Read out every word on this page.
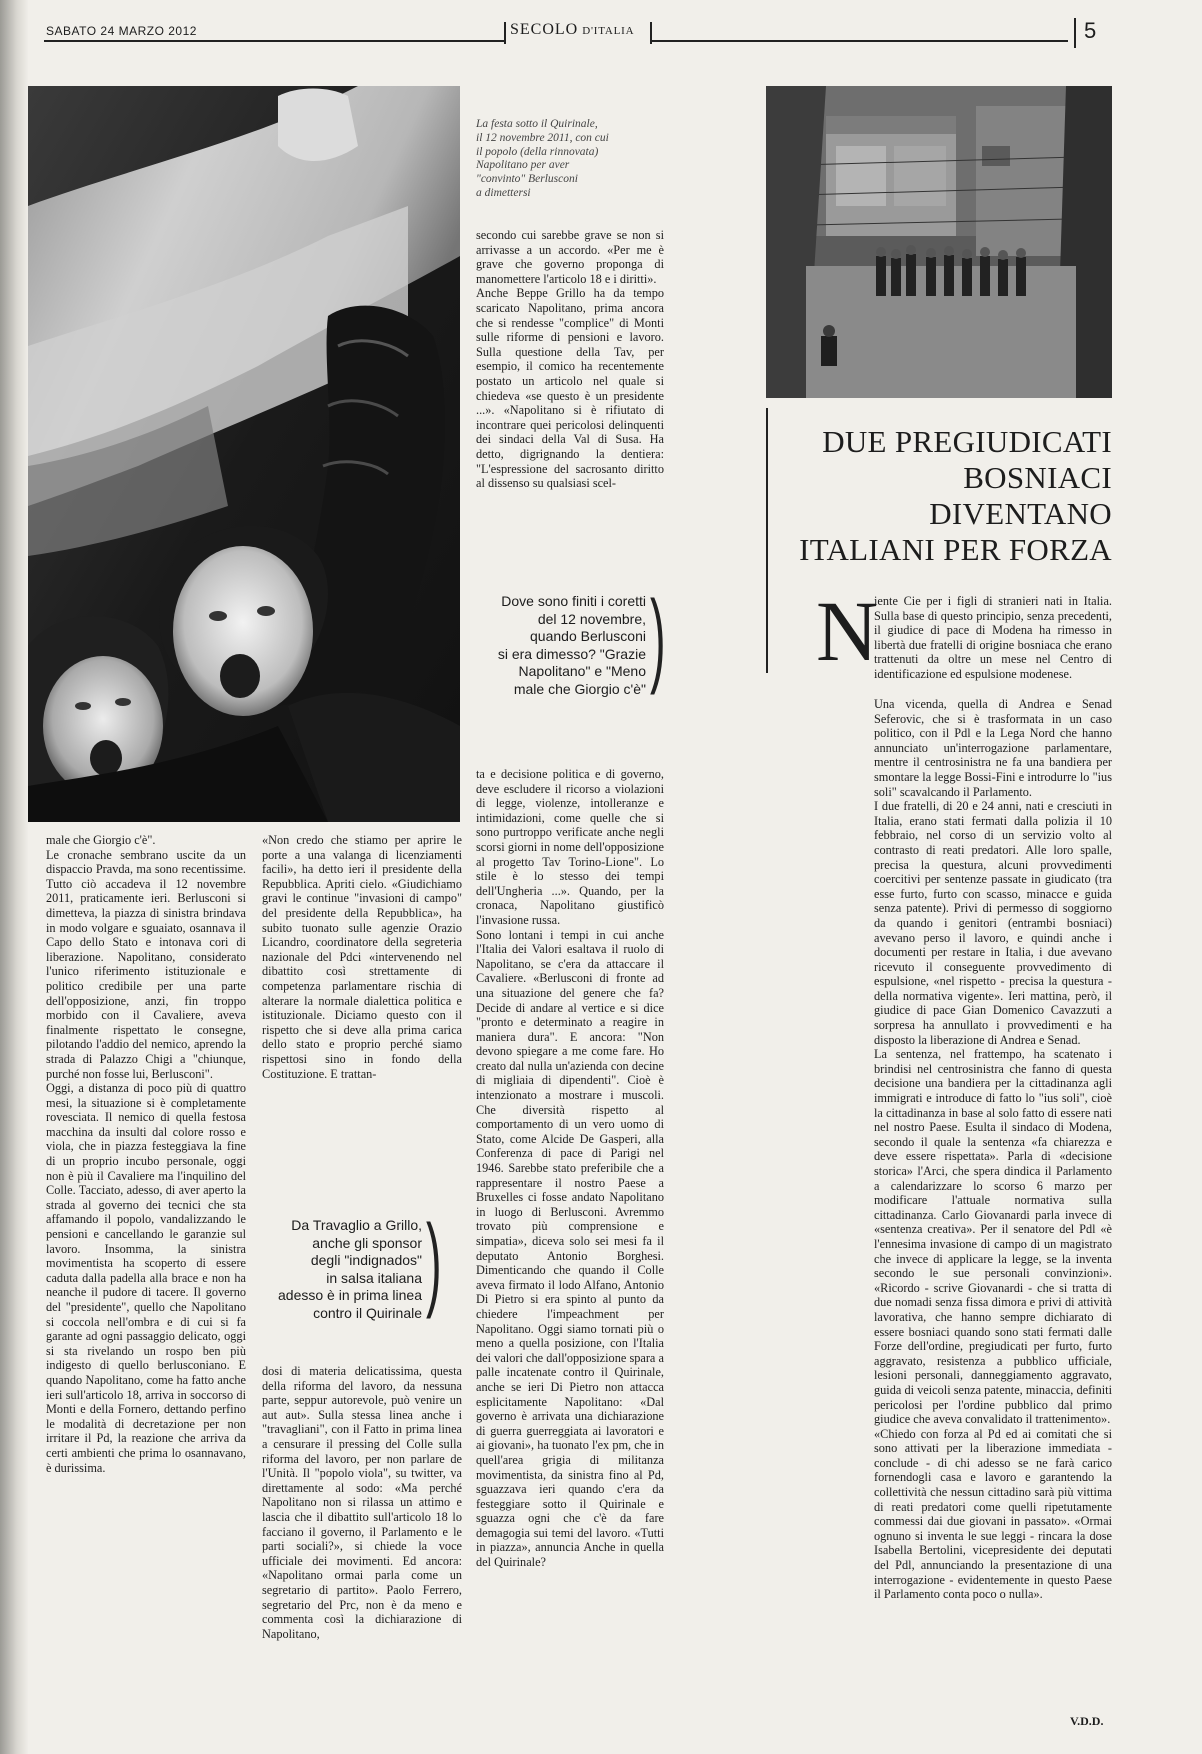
SABATO 24 MARZO 2012	SECOLO D'ITALIA	5
La festa sotto il Quirinale,
il 12 novembre 2011, con cui
il popolo (della rinnovata)
Napolitano per aver
"convinto" Berlusconi
a dimettersi
secondo cui sarebbe grave se non si arrivasse a un accordo. «Per me è grave che governo proponga di manomettere l'articolo 18 e i diritti».
Anche Beppe Grillo ha da tempo scaricato Napolitano, prima ancora che si rendesse "complice" di Monti sulle riforme di pensioni e lavoro. Sulla questione della Tav, per esempio, il comico ha recentemente postato un articolo nel quale si chiedeva «se questo è un presidente ...». «Napolitano si è rifiutato di incontrare quei pericolosi delinquenti dei sindaci della Val di Susa. Ha detto, digrignando la dentiera: "L'espressione del sacrosanto diritto al dissenso su qualsiasi scel-
Dove sono finiti i coretti
del 12 novembre,
quando Berlusconi
si era dimesso? "Grazie
Napolitano" e "Meno
male che Giorgio c'è" )
ta e decisione politica e di governo, deve escludere il ricorso a violazioni di legge, violenze, intolleranze e intimidazioni, come quelle che si sono purtroppo verificate anche negli scorsi giorni in nome dell'opposizione al progetto Tav Torino-Lione". Lo stile è lo stesso dei tempi dell'Ungheria ...». Quando, per la cronaca, Napolitano giustificò l'invasione russa.
Sono lontani i tempi in cui anche l'Italia dei Valori esaltava il ruolo di Napolitano, se c'era da attaccare il Cavaliere. «Berlusconi di fronte ad una situazione del genere che fa? Decide di andare al vertice e si dice "pronto e determinato a reagire in maniera dura". E ancora: "Non devono spiegare a me come fare. Ho creato dal nulla un'azienda con decine di migliaia di dipendenti". Cioè è intenzionato a mostrare i muscoli. Che diversità rispetto al comportamento di un vero uomo di Stato, come Alcide De Gasperi, alla Conferenza di pace di Parigi nel 1946. Sarebbe stato preferibile che a rappresentare il nostro Paese a Bruxelles ci fosse andato Napolitano in luogo di Berlusconi. Avremmo trovato più comprensione e simpatia», diceva solo sei mesi fa il deputato Antonio Borghesi. Dimenticando che quando il Colle aveva firmato il lodo Alfano, Antonio Di Pietro si era spinto al punto da chiedere l'impeachment per Napolitano. Oggi siamo tornati più o meno a quella posizione, con l'Italia dei valori che dall'opposizione spara a palle incatenate contro il Quirinale, anche se ieri Di Pietro non attacca esplicitamente Napolitano: «Dal governo è arrivata una dichiarazione di guerra guerreggiata ai lavoratori e ai giovani», ha tuonato l'ex pm, che in quell'area grigia di militanza movimentista, da sinistra fino al Pd, sguazzava ieri quando c'era da festeggiare sotto il Quirinale e sguazza ogni che c'è da fare demagogia sui temi del lavoro. «Tutti in piazza», annuncia Anche in quella del Quirinale?
male che Giorgio c'è".
Le cronache sembrano uscite da un dispaccio Pravda, ma sono recentissime. Tutto ciò accadeva il 12 novembre 2011, praticamente ieri. Berlusconi si dimetteva, la piazza di sinistra brindava in modo volgare e sguaiato, osannava il Capo dello Stato e intonava cori di liberazione. Napolitano, considerato l'unico riferimento istituzionale e politico credibile per una parte dell'opposizione, anzi, fin troppo morbido con il Cavaliere, aveva finalmente rispettato le consegne, pilotando l'addio del nemico, aprendo la strada di Palazzo Chigi a "chiunque, purché non fosse lui, Berlusconi".
Oggi, a distanza di poco più di quattro mesi, la situazione si è completamente rovesciata. Il nemico di quella festosa macchina da insulti dal colore rosso e viola, che in piazza festeggiava la fine di un proprio incubo personale, oggi non è più il Cavaliere ma l'inquilino del Colle. Tacciato, adesso, di aver aperto la strada al governo dei tecnici che sta affamando il popolo, vandalizzando le pensioni e cancellando le garanzie sul lavoro. Insomma, la sinistra movimentista ha scoperto di essere caduta dalla padella alla brace e non ha neanche il pudore di tacere. Il governo del "presidente", quello che Napolitano si coccola nell'ombra e di cui si fa garante ad ogni passaggio delicato, oggi si sta rivelando un rospo ben più indigesto di quello berlusconiano. E quando Napolitano, come ha fatto anche ieri sull'articolo 18, arriva in soccorso di Monti e della Fornero, dettando perfino le modalità di decretazione per non irritare il Pd, la reazione che arriva da certi ambienti che prima lo osannavano, è durissima.
«Non credo che stiamo per aprire le porte a una valanga di licenziamenti facili», ha detto ieri il presidente della Repubblica. Apriti cielo. «Giudichiamo gravi le continue "invasioni di campo" del presidente della Repubblica», ha subito tuonato sulle agenzie Orazio Licandro, coordinatore della segreteria nazionale del Pdci «intervenendo nel dibattito così strettamente di competenza parlamentare rischia di alterare la normale dialettica politica e istituzionale. Diciamo questo con il rispetto che si deve alla prima carica dello stato e proprio perché siamo rispettosi sino in fondo della Costituzione. E trattan-
Da Travaglio a Grillo,
anche gli sponsor
degli "indignados"
in salsa italiana
adesso è in prima linea
contro il Quirinale )
dosi di materia delicatissima, questa della riforma del lavoro, da nessuna parte, seppur autorevole, può venire un aut aut». Sulla stessa linea anche i "travagliani", con il Fatto in prima linea a censurare il pressing del Colle sulla riforma del lavoro, per non parlare de l'Unità. Il "popolo viola", su twitter, va direttamente al sodo: «Ma perché Napolitano non si rilassa un attimo e lascia che il dibattito sull'articolo 18 lo facciano il governo, il Parlamento e le parti sociali?», si chiede la voce ufficiale dei movimenti. Ed ancora: «Napolitano ormai parla come un segretario di partito». Paolo Ferrero, segretario del Prc, non è da meno e commenta così la dichiarazione di Napolitano,
DUE PREGIUDICATI
BOSNIACI DIVENTANO
ITALIANI PER FORZA
N
iente Cie per i figli di stranieri nati in Italia. Sulla base di questo principio, senza precedenti, il giudice di pace di Modena ha rimesso in libertà due fratelli di origine bosniaca che erano trattenuti da oltre un mese nel Centro di identificazione ed espulsione modenese.
Una vicenda, quella di Andrea e Senad Seferovic, che si è trasformata in un caso politico, con il Pdl e la Lega Nord che hanno annunciato un'interrogazione parlamentare, mentre il centrosinistra ne fa una bandiera per smontare la legge Bossi-Fini e introdurre lo "ius soli" scavalcando il Parlamento.
I due fratelli, di 20 e 24 anni, nati e cresciuti in Italia, erano stati fermati dalla polizia il 10 febbraio, nel corso di un servizio volto al contrasto di reati predatori. Alle loro spalle, precisa la questura, alcuni provvedimenti coercitivi per sentenze passate in giudicato (tra esse furto, furto con scasso, minacce e guida senza patente). Privi di permesso di soggiorno da quando i genitori (entrambi bosniaci) avevano perso il lavoro, e quindi anche i documenti per restare in Italia, i due avevano ricevuto il conseguente provvedimento di espulsione, «nel rispetto - precisa la questura - della normativa vigente». Ieri mattina, però, il giudice di pace Gian Domenico Cavazzuti a sorpresa ha annullato i provvedimenti e ha disposto la liberazione di Andrea e Senad.
La sentenza, nel frattempo, ha scatenato i brindisi nel centrosinistra che fanno di questa decisione una bandiera per la cittadinanza agli immigrati e introduce di fatto lo "ius soli", cioè la cittadinanza in base al solo fatto di essere nati nel nostro Paese. Esulta il sindaco di Modena, secondo il quale la sentenza «fa chiarezza e deve essere rispettata». Parla di «decisione storica» l'Arci, che spera dindica il Parlamento a calendarizzare lo scorso 6 marzo per modificare l'attuale normativa sulla cittadinanza. Carlo Giovanardi parla invece di «sentenza creativa». Per il senatore del Pdl «è l'ennesima invasione di campo di un magistrato che invece di applicare la legge, se la inventa secondo le sue personali convinzioni». «Ricordo - scrive Giovanardi - che si tratta di due nomadi senza fissa dimora e privi di attività lavorativa, che hanno sempre dichiarato di essere bosniaci quando sono stati fermati dalle Forze dell'ordine, pregiudicati per furto, furto aggravato, resistenza a pubblico ufficiale, lesioni personali, danneggiamento aggravato, guida di veicoli senza patente, minaccia, definiti pericolosi per l'ordine pubblico dal primo giudice che aveva convalidato il trattenimento».
«Chiedo con forza al Pd ed ai comitati che si sono attivati per la liberazione immediata - conclude - di chi adesso se ne farà carico fornendogli casa e lavoro e garantendo la collettività che nessun cittadino sarà più vittima di reati predatori come quelli ripetutamente commessi dai due giovani in passato». «Ormai ognuno si inventa le sue leggi - rincara la dose Isabella Bertolini, vicepresidente dei deputati del Pdl, annunciando la presentazione di una interrogazione - evidentemente in questo Paese il Parlamento conta poco o nulla».
V.D.D.
